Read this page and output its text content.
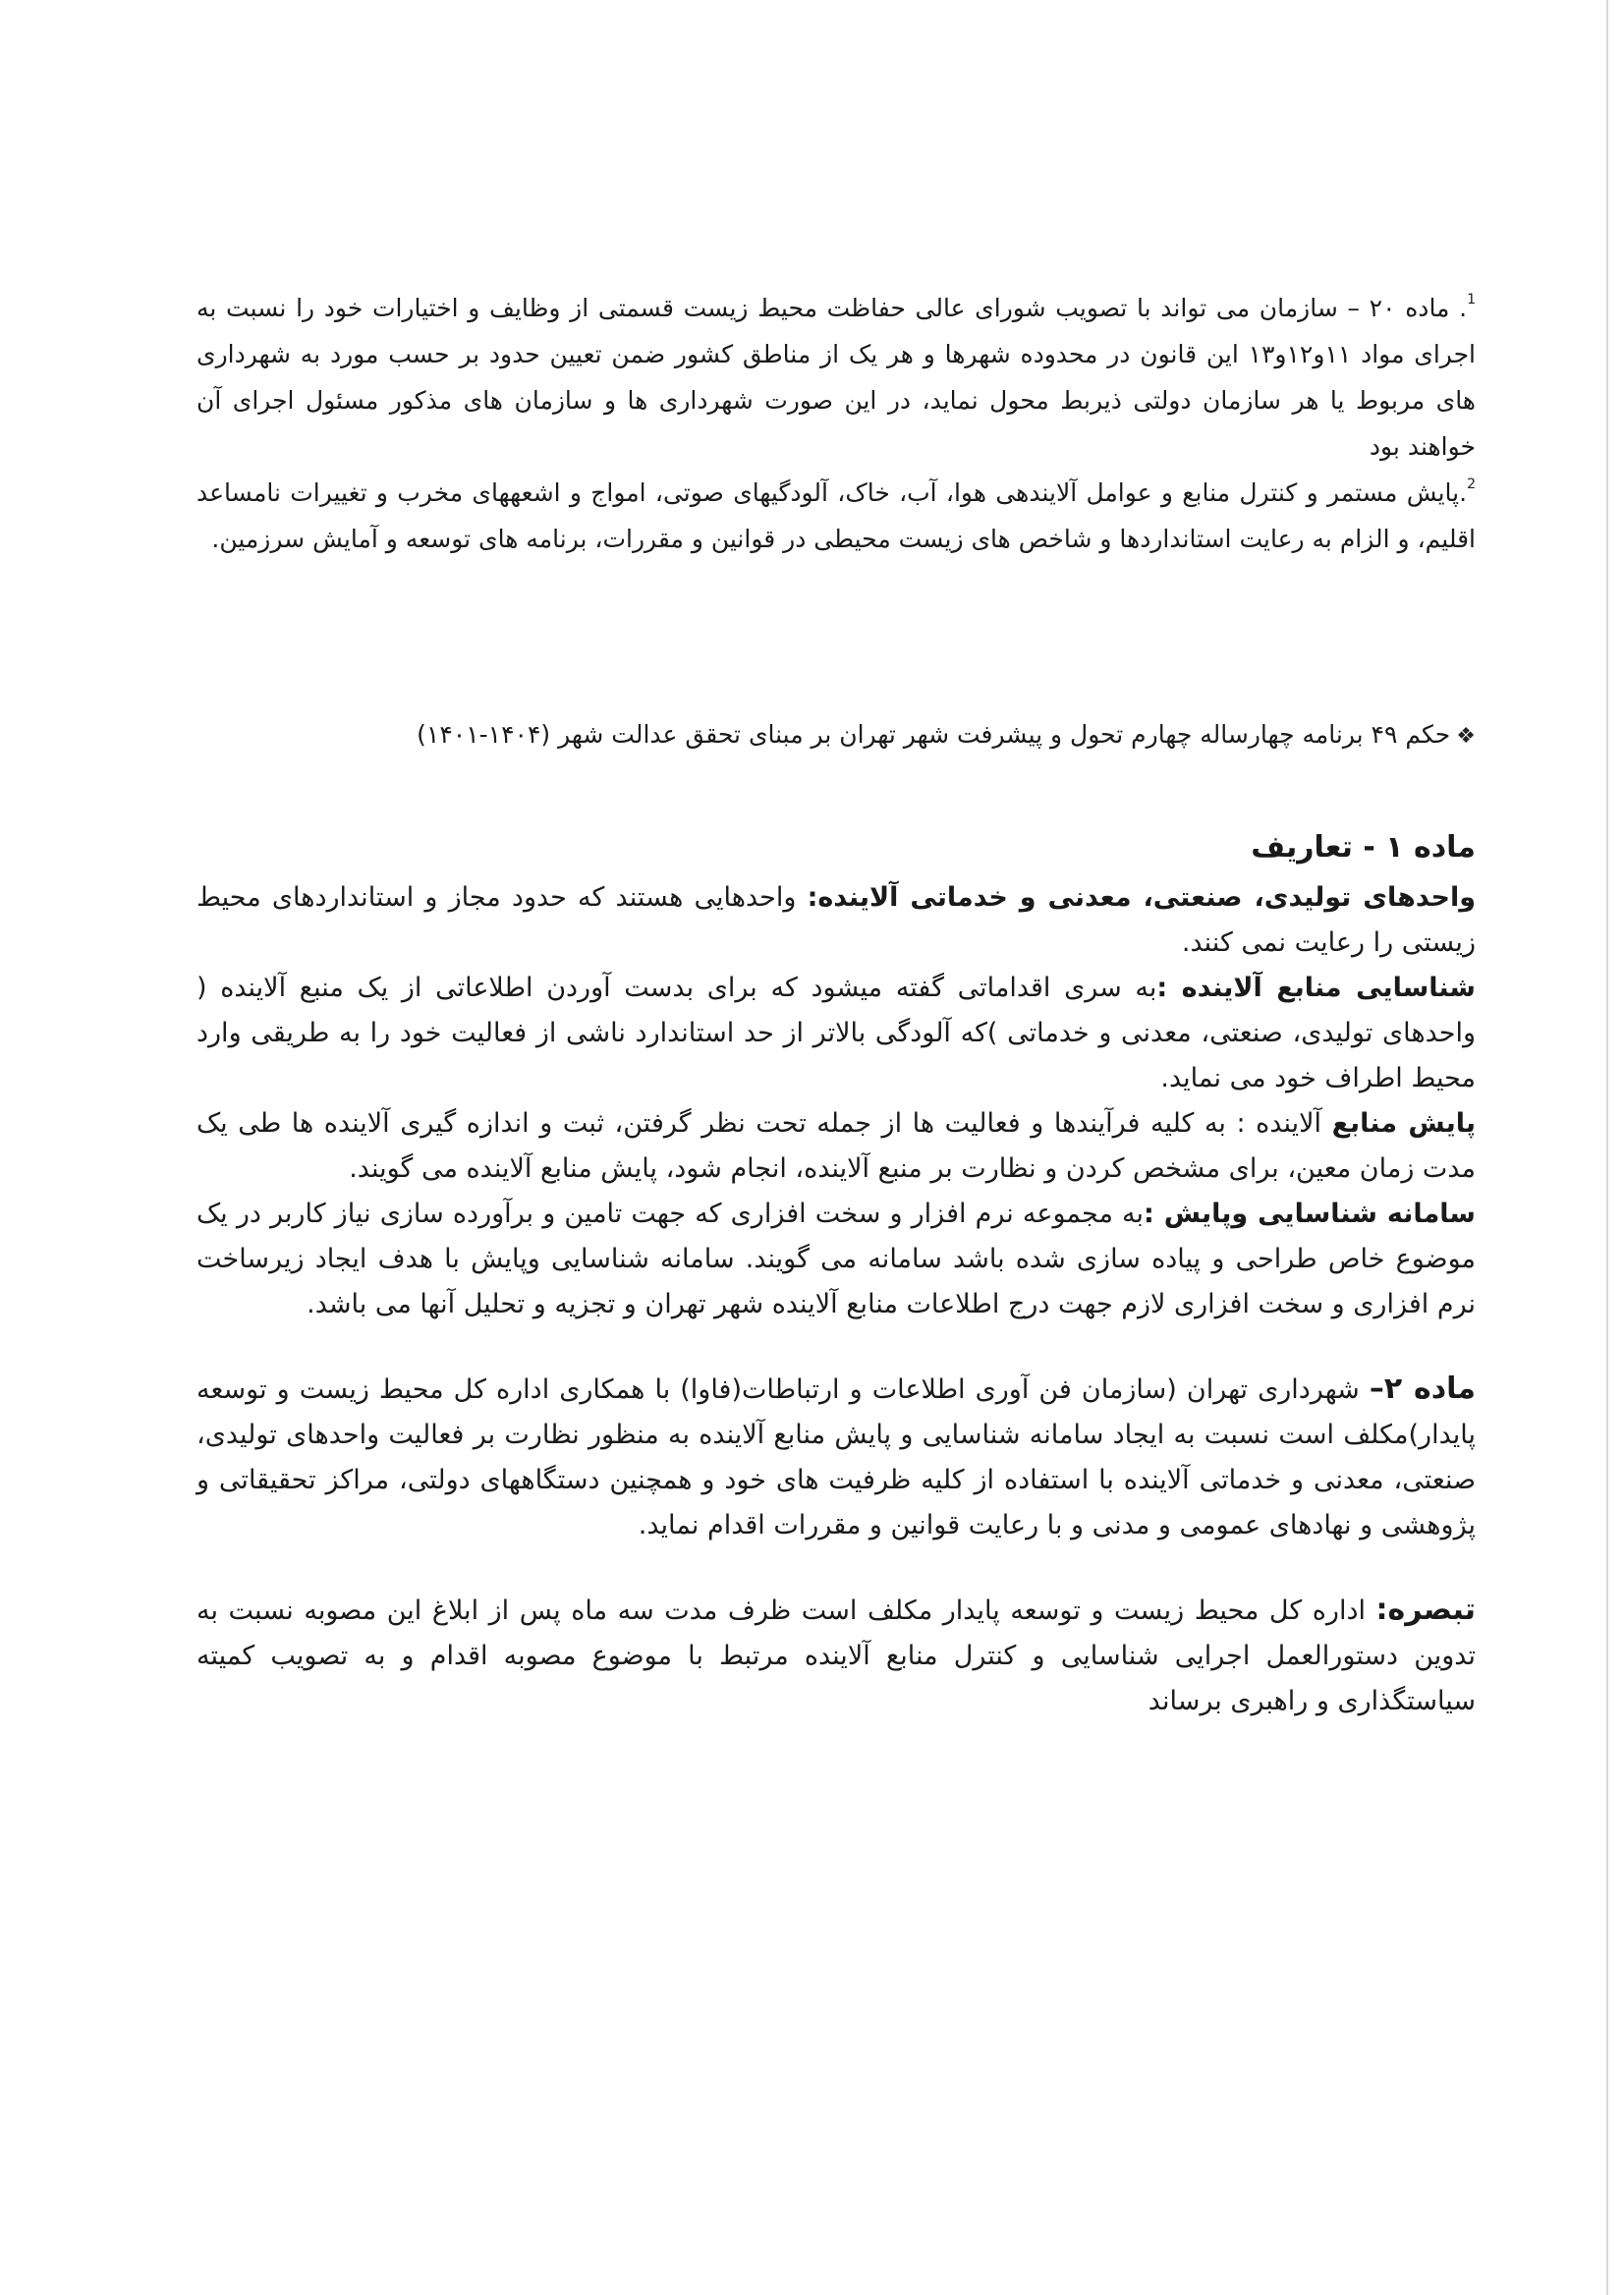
$^1$. ماده ۲۰ – سازمان می تواند با تصویب شورای عالی حفاظت محیط زیست قسمتی از وظایف و اختیارات خود را نسبت به اجرای مواد ۱۱و۱۲و۱۳ این قانون در محدوده شهرها و هر یک از مناطق کشور ضمن تعیین حدود بر حسب مورد به شهرداری های مربوط یا هر سازمان دولتی ذیربط محول نماید، در این صورت شهرداری ها و سازمان های مذکور مسئول اجرای آن خواهند بود

$^2$.پایش مستمر و کنترل منابع و عوامل آلایندهی هوا، آب، خاک، آلودگیهای صوتی، امواج و اشعههای مخرب و تغییرات نامساعد اقلیم، و الزام به رعایت استانداردها و شاخص های زیست محیطی در قوانین و مقررات، برنامه های توسعه و آمایش سرزمین.

❖حکم ۴۹ برنامه چهارساله چهارم تحول و پیشرفت شهر تهران بر مبنای تحقق عدالت شهر (۱۴۰۴-۱۴۰۱)

ماده ۱ - تعاریف

واحدهای تولیدی، صنعتی، معدنی و خدماتی آلاینده: واحدهایی هستند که حدود مجاز و استانداردهای محیط زیستی را رعایت نمی کنند.

شناسایی منابع آلاینده :به سری اقداماتی گفته میشود که برای بدست آوردن اطلاعاتی از یک منبع آلاینده ( واحدهای تولیدی، صنعتی، معدنی و خدماتی )که آلودگی بالاتر از حد استاندارد ناشی از فعالیت خود را به طریقی وارد محیط اطراف خود می نماید.

پایش منابع آلاینده : به کلیه فرآیندها و فعالیت ها از جمله تحت نظر گرفتن، ثبت و اندازه گیری آلاینده ها طی یک مدت زمان معین، برای مشخص کردن و نظارت بر منبع آلاینده، انجام شود، پایش منابع آلاینده می گویند.

سامانه شناسایی وپایش :به مجموعه نرم افزار و سخت افزاری که جهت تامین و برآورده سازی نیاز کاربر در یک موضوع خاص طراحی و پیاده سازی شده باشد سامانه می گویند. سامانه شناسایی وپایش با هدف ایجاد زیرساخت نرم افزاری و سخت افزاری لازم جهت درج اطلاعات منابع آلاینده شهر تهران و تجزیه و تحلیل آنها می باشد.

ماده ۲– شهرداری تهران (سازمان فن آوری اطلاعات و ارتباطات(فاوا) با همکاری اداره کل محیط زیست و توسعه پایدار)مکلف است نسبت به ایجاد سامانه شناسایی و پایش منابع آلاینده به منظور نظارت بر فعالیت واحدهای تولیدی، صنعتی، معدنی و خدماتی آلاینده با استفاده از کلیه ظرفیت های خود و همچنین دستگاههای دولتی، مراکز تحقیقاتی و پژوهشی و نهادهای عمومی و مدنی و با رعایت قوانین و مقررات اقدام نماید.

تبصره: اداره کل محیط زیست و توسعه پایدار مکلف است ظرف مدت سه ماه پس از ابلاغ این مصوبه نسبت به تدوین دستورالعمل اجرایی شناسایی و کنترل منابع آلاینده مرتبط با موضوع مصوبه اقدام و به تصویب کمیته سیاستگذاری و راهبری برساند
